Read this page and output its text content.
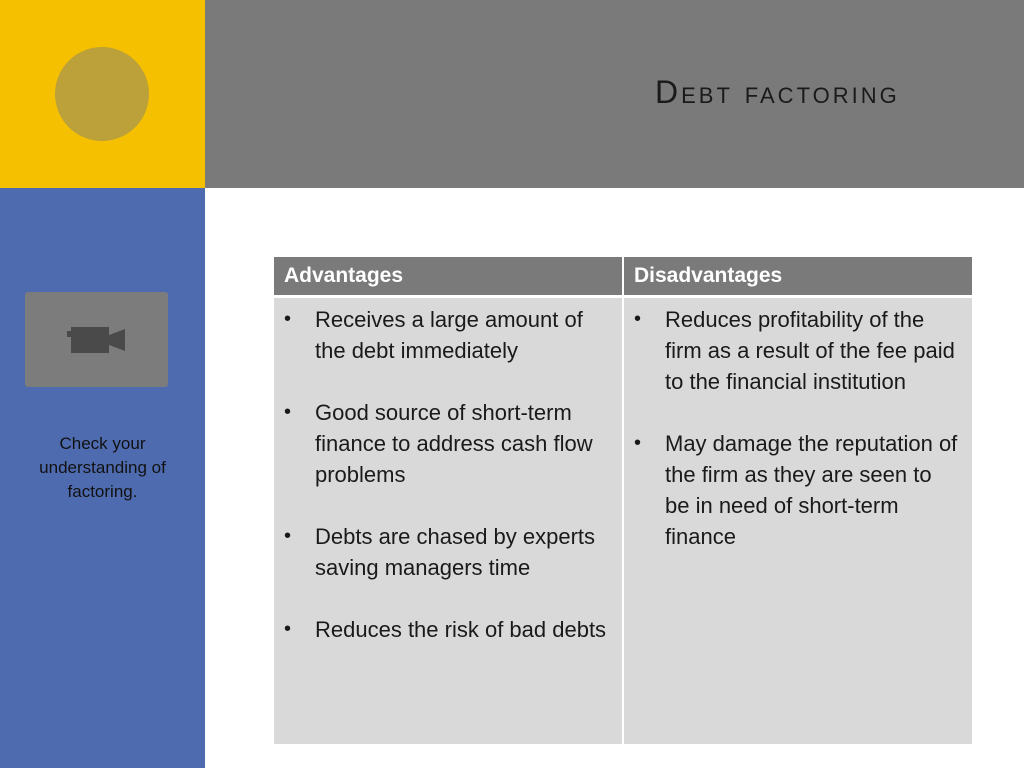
Debt factoring
Check your understanding of factoring.
Advantages	Disadvantages
• Receives a large amount of the debt immediately
• Good source of short-term finance to address cash flow problems
• Debts are chased by experts saving managers time
• Reduces the risk of bad debts
• Reduces profitability of the firm as a result of the fee paid to the financial institution
• May damage the reputation of the firm as they are seen to be in need of short-term finance
